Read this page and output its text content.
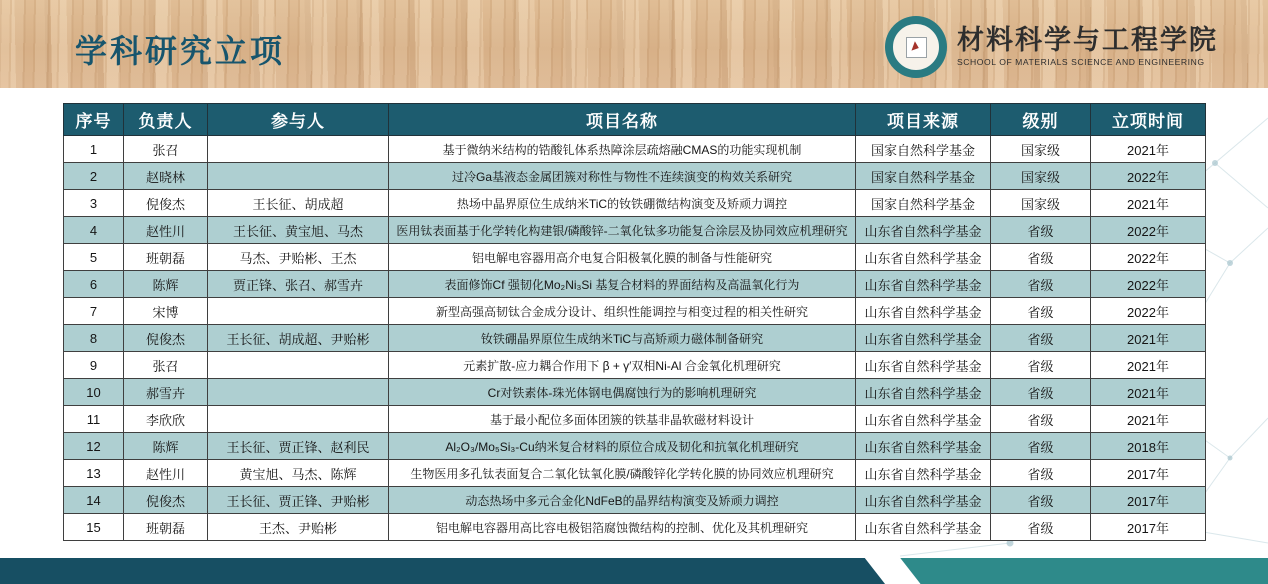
学科研究立项	材料科学与工程学院
SCHOOL OF MATERIALS SCIENCE AND ENGINEERING
序号	负责人	参与人	项目名称	项目来源	级别	立项时间
1	张召		基于微纳米结构的锆酸钆体系热障涂层疏熔融CMAS的功能实现机制	国家自然科学基金	国家级	2021年
2	赵晓林		过冷Ga基液态金属团簇对称性与物性不连续演变的构效关系研究	国家自然科学基金	国家级	2022年
3	倪俊杰	王长征、胡成超	热场中晶界原位生成纳米TiC的钕铁硼微结构演变及矫顽力调控	国家自然科学基金	国家级	2021年
4	赵性川	王长征、黄宝旭、马杰	医用钛表面基于化学转化构建银/磷酸锌-二氧化钛多功能复合涂层及协同效应机理研究	山东省自然科学基金	省级	2022年
5	班朝磊	马杰、尹贻彬、王杰	铝电解电容器用高介电复合阳极氧化膜的制备与性能研究	山东省自然科学基金	省级	2022年
6	陈辉	贾正锋、张召、郝雪卉	表面修饰Cf 强韧化Mo₂Ni₃Si 基复合材料的界面结构及高温氧化行为	山东省自然科学基金	省级	2022年
7	宋博		新型高强高韧钛合金成分设计、组织性能调控与相变过程的相关性研究	山东省自然科学基金	省级	2022年
8	倪俊杰	王长征、胡成超、尹贻彬	钕铁硼晶界原位生成纳米TiC与高矫顽力磁体制备研究	山东省自然科学基金	省级	2021年
9	张召		元素扩散-应力耦合作用下 β + γ′双相Ni-Al 合金氧化机理研究	山东省自然科学基金	省级	2021年
10	郝雪卉		Cr对铁素体-珠光体钢电偶腐蚀行为的影响机理研究	山东省自然科学基金	省级	2021年
11	李欣欣		基于最小配位多面体团簇的铁基非晶软磁材料设计	山东省自然科学基金	省级	2021年
12	陈辉	王长征、贾正锋、赵利民	Al₂O₃/Mo₅Si₃-Cu纳米复合材料的原位合成及韧化和抗氧化机理研究	山东省自然科学基金	省级	2018年
13	赵性川	黄宝旭、马杰、陈辉	生物医用多孔钛表面复合二氧化钛氧化膜/磷酸锌化学转化膜的协同效应机理研究	山东省自然科学基金	省级	2017年
14	倪俊杰	王长征、贾正锋、尹贻彬	动态热场中多元合金化NdFeB的晶界结构演变及矫顽力调控	山东省自然科学基金	省级	2017年
15	班朝磊	王杰、尹贻彬	铝电解电容器用高比容电极铝箔腐蚀微结构的控制、优化及其机理研究	山东省自然科学基金	省级	2017年
